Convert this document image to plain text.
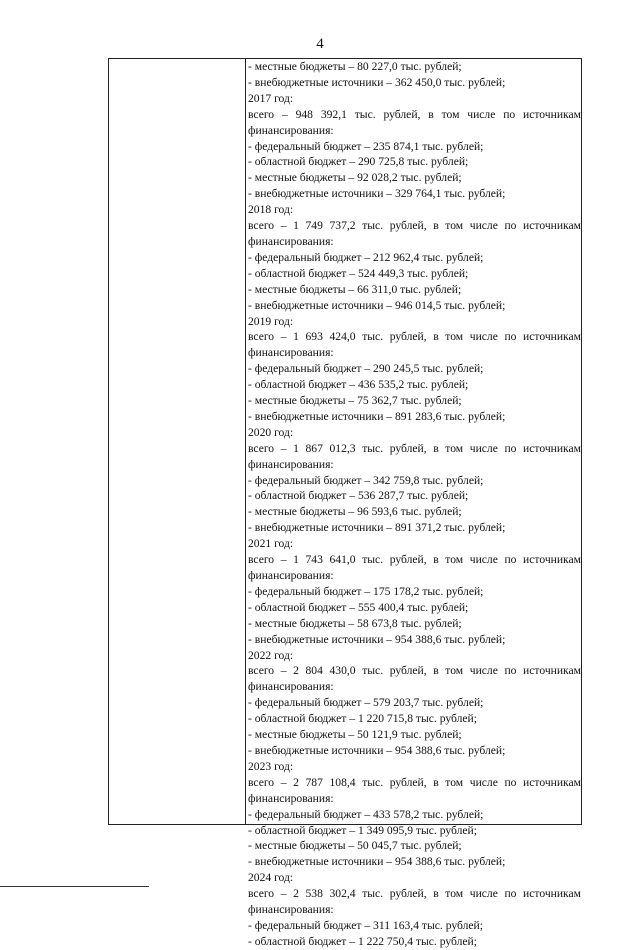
4
- местные бюджеты – 80 227,0 тыс. рублей;
- внебюджетные источники – 362 450,0 тыс. рублей;
2017 год:
всего – 948 392,1 тыс. рублей, в том числе по источникам
финансирования:
- федеральный бюджет – 235 874,1 тыс. рублей;
- областной бюджет – 290 725,8 тыс. рублей;
- местные бюджеты – 92 028,2 тыс. рублей;
- внебюджетные источники – 329 764,1 тыс. рублей;
2018 год:
всего – 1 749 737,2 тыс. рублей, в том числе по источникам
финансирования:
- федеральный бюджет – 212 962,4 тыс. рублей;
- областной бюджет – 524 449,3 тыс. рублей;
- местные бюджеты – 66 311,0 тыс. рублей;
- внебюджетные источники – 946 014,5 тыс. рублей;
2019 год:
всего – 1 693 424,0 тыс. рублей, в том числе по источникам
финансирования:
- федеральный бюджет – 290 245,5 тыс. рублей;
- областной бюджет – 436 535,2 тыс. рублей;
- местные бюджеты – 75 362,7 тыс. рублей;
- внебюджетные источники – 891 283,6 тыс. рублей;
2020 год:
всего – 1 867 012,3 тыс. рублей, в том числе по источникам
финансирования:
- федеральный бюджет – 342 759,8 тыс. рублей;
- областной бюджет – 536 287,7 тыс. рублей;
- местные бюджеты – 96 593,6 тыс. рублей;
- внебюджетные источники – 891 371,2 тыс. рублей;
2021 год:
всего – 1 743 641,0 тыс. рублей, в том числе по источникам
финансирования:
- федеральный бюджет – 175 178,2 тыс. рублей;
- областной бюджет – 555 400,4 тыс. рублей;
- местные бюджеты – 58 673,8 тыс. рублей;
- внебюджетные источники – 954 388,6 тыс. рублей;
2022 год:
всего – 2 804 430,0 тыс. рублей, в том числе по источникам
финансирования:
- федеральный бюджет – 579 203,7 тыс. рублей;
- областной бюджет – 1 220 715,8 тыс. рублей;
- местные бюджеты – 50 121,9 тыс. рублей;
- внебюджетные источники – 954 388,6 тыс. рублей;
2023 год:
всего – 2 787 108,4 тыс. рублей, в том числе по источникам
финансирования:
- федеральный бюджет – 433 578,2 тыс. рублей;
- областной бюджет – 1 349 095,9 тыс. рублей;
- местные бюджеты – 50 045,7 тыс. рублей;
- внебюджетные источники – 954 388,6 тыс. рублей;
2024 год:
всего – 2 538 302,4 тыс. рублей, в том числе по источникам
финансирования:
- федеральный бюджет – 311 163,4 тыс. рублей;
- областной бюджет – 1 222 750,4 тыс. рублей;
